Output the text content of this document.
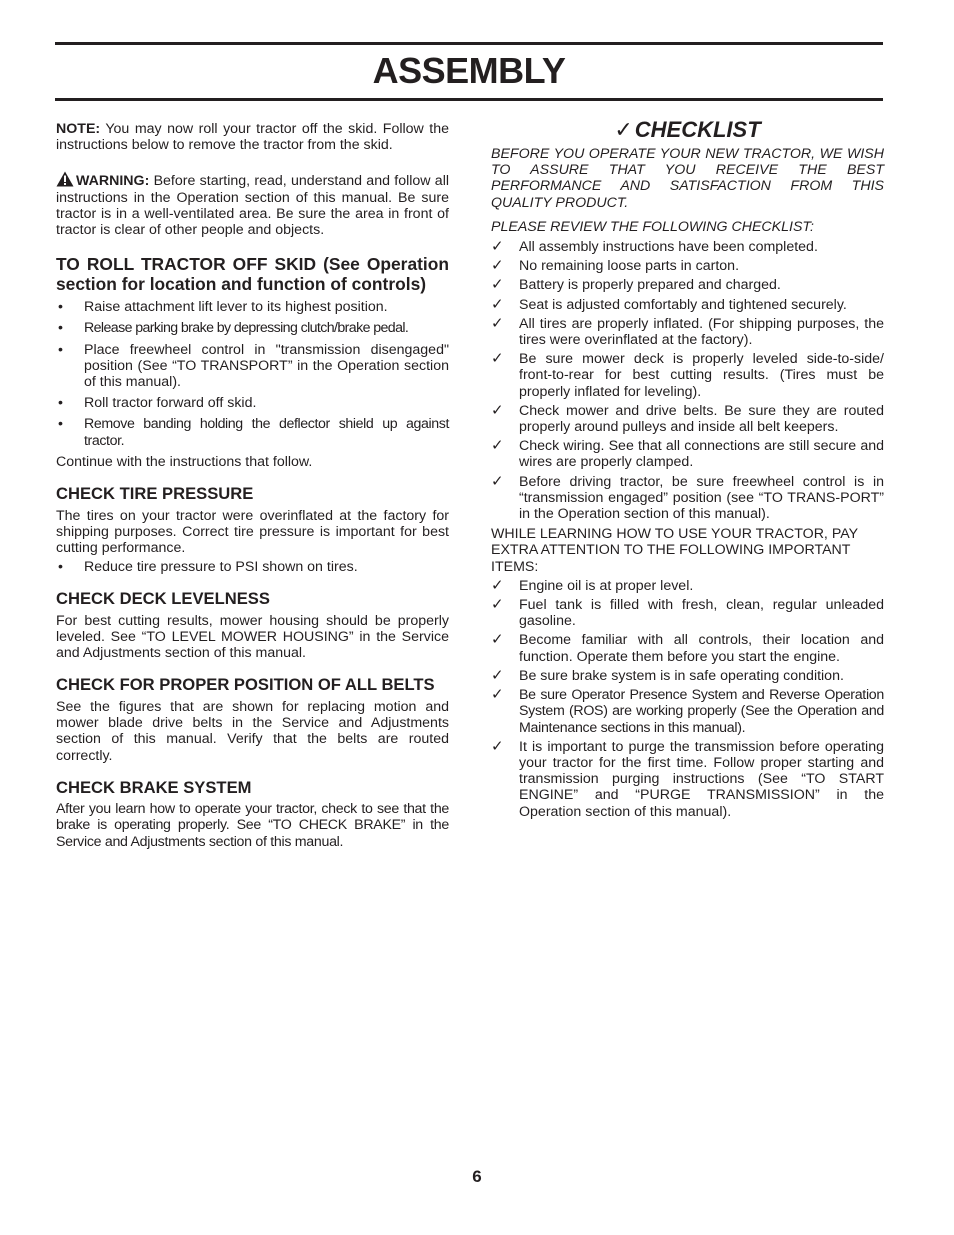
ASSEMBLY

NOTE: You may now roll your tractor off the skid. Follow the instructions below to remove the tractor from the skid.

WARNING: Before starting, read, understand and follow all instructions in the Operation section of this manual. Be sure tractor is in a well-ventilated area. Be sure the area in front of tractor is clear of other people and objects.

TO ROLL TRACTOR OFF SKID (See Operation section for location and function of controls)
• Raise attachment lift lever to its highest position.
• Release parking brake by depressing clutch/brake pedal.
• Place freewheel control in "transmission disengaged" position (See “TO TRANSPORT” in the Operation section of this manual).
• Roll tractor forward off skid.
• Remove banding holding the deflector shield up against tractor.

Continue with the instructions that follow.

CHECK TIRE PRESSURE

The tires on your tractor were overinflated at the factory for shipping purposes. Correct tire pressure is important for best cutting performance.

• Reduce tire pressure to PSI shown on tires.
CHECK DECK LEVELNESS

For best cutting results, mower housing should be properly leveled. See “TO LEVEL MOWER HOUSING” in the Service and Adjustments section of this manual.

CHECK FOR PROPER POSITION OF ALL BELTS

See the figures that are shown for replacing motion and mower blade drive belts in the Service and Adjustments section of this manual. Verify that the belts are routed correctly.

CHECK BRAKE SYSTEM

After you learn how to operate your tractor, check to see that the brake is operating properly. See “TO CHECK BRAKE” in the Service and Adjustments section of this manual.

✓CHECKLIST

BEFORE YOU OPERATE YOUR NEW TRACTOR, WE WISH TO ASSURE THAT YOU RECEIVE THE BEST PERFORMANCE AND SATISFACTION FROM THIS QUALITY PRODUCT.

PLEASE REVIEW THE FOLLOWING CHECKLIST:

✓ All assembly instructions have been completed.
✓ No remaining loose parts in carton.
✓ Battery is properly prepared and charged.
✓ Seat is adjusted comfortably and tightened securely.
✓ All tires are properly inflated. (For shipping purposes, the tires were overinflated at the factory).
✓ Be sure mower deck is properly leveled side-to-side/ front-to-rear for best cutting results. (Tires must be properly inflated for leveling).
✓ Check mower and drive belts. Be sure they are routed properly around pulleys and inside all belt keepers.
✓ Check wiring. See that all connections are still secure and wires are properly clamped.
✓ Before driving tractor, be sure freewheel control is in “transmission engaged” position (see “TO TRANS-PORT” in the Operation section of this manual).

WHILE LEARNING HOW TO USE YOUR TRACTOR, PAY EXTRA ATTENTION TO THE FOLLOWING IMPORTANT ITEMS:

✓ Engine oil is at proper level.
✓ Fuel tank is filled with fresh, clean, regular unleaded gasoline.
✓ Become familiar with all controls, their location and function. Operate them before you start the engine.
✓ Be sure brake system is in safe operating condition.
✓ Be sure Operator Presence System and Reverse Operation System (ROS) are working properly (See the Operation and Maintenance sections in this manual).
✓ It is important to purge the transmission before operating your tractor for the first time. Follow proper starting and transmission purging instructions (See “TO START ENGINE” and “PURGE TRANSMISSION” in the Operation section of this manual).
6
